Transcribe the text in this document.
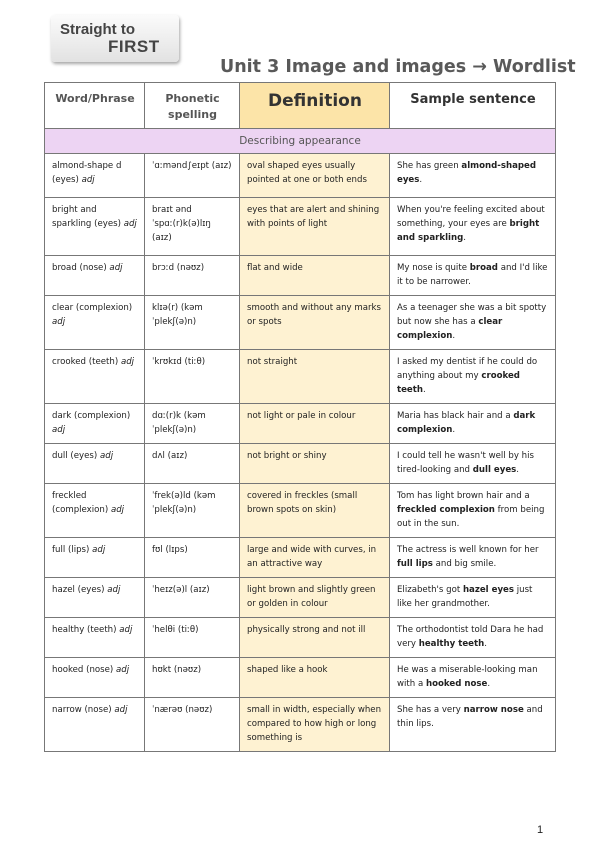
Straight to
FIRST
Unit 3 Image and images → Wordlist
Word/Phrase	Phonetic spelling	Definition	Sample sentence
Describing appearance			
almond-shape d (eyes) adj	ˈɑːmənd∫eɪpt (aɪz)	oval shaped eyes usually pointed at one or both ends	She has green almond-shaped eyes.
bright and sparkling (eyes) adj	braɪt ənd ˈspɑː(r)k(ə)lɪŋ (aɪz)	eyes that are alert and shining with points of light	When you're feeling excited about something, your eyes are bright and sparkling.
broad (nose) adj	brɔːd (nəʊz)	flat and wide	My nose is quite broad and I'd like it to be narrower.
clear (complexion) adj	klɪə(r) (kəmˈplekʃ(ə)n)	smooth and without any marks or spots	As a teenager she was a bit spotty but now she has a clear complexion.
crooked (teeth) adj	ˈkrʊkɪd (tiːθ)	not straight	I asked my dentist if he could do anything about my crooked teeth.
dark (complexion) adj	dɑː(r)k (kəmˈplekʃ(ə)n)	not light or pale in colour	Maria has black hair and a dark complexion.
dull (eyes) adj	dʌl (aɪz)	not bright or shiny	I could tell he wasn't well by his tired-looking and dull eyes.
freckled (complexion) adj	ˈfrek(ə)ld (kəmˈplekʃ(ə)n)	covered in freckles (small brown spots on skin)	Tom has light brown hair and a freckled complexion from being out in the sun.
full (lips) adj	fʊl (lɪps)	large and wide with curves, in an attractive way	The actress is well known for her full lips and big smile.
hazel (eyes) adj	ˈheɪz(ə)l (aɪz)	light brown and slightly green or golden in colour	Elizabeth's got hazel eyes just like her grandmother.
healthy (teeth) adj	ˈhelθi (tiːθ)	physically strong and not ill	The orthodontist told Dara he had very healthy teeth.
hooked (nose) adj	hʊkt (nəʊz)	shaped like a hook	He was a miserable-looking man with a hooked nose.
narrow (nose) adj	ˈnærəʊ (nəʊz)	small in width, especially when compared to how high or long something is	She has a very narrow nose and thin lips.
1
